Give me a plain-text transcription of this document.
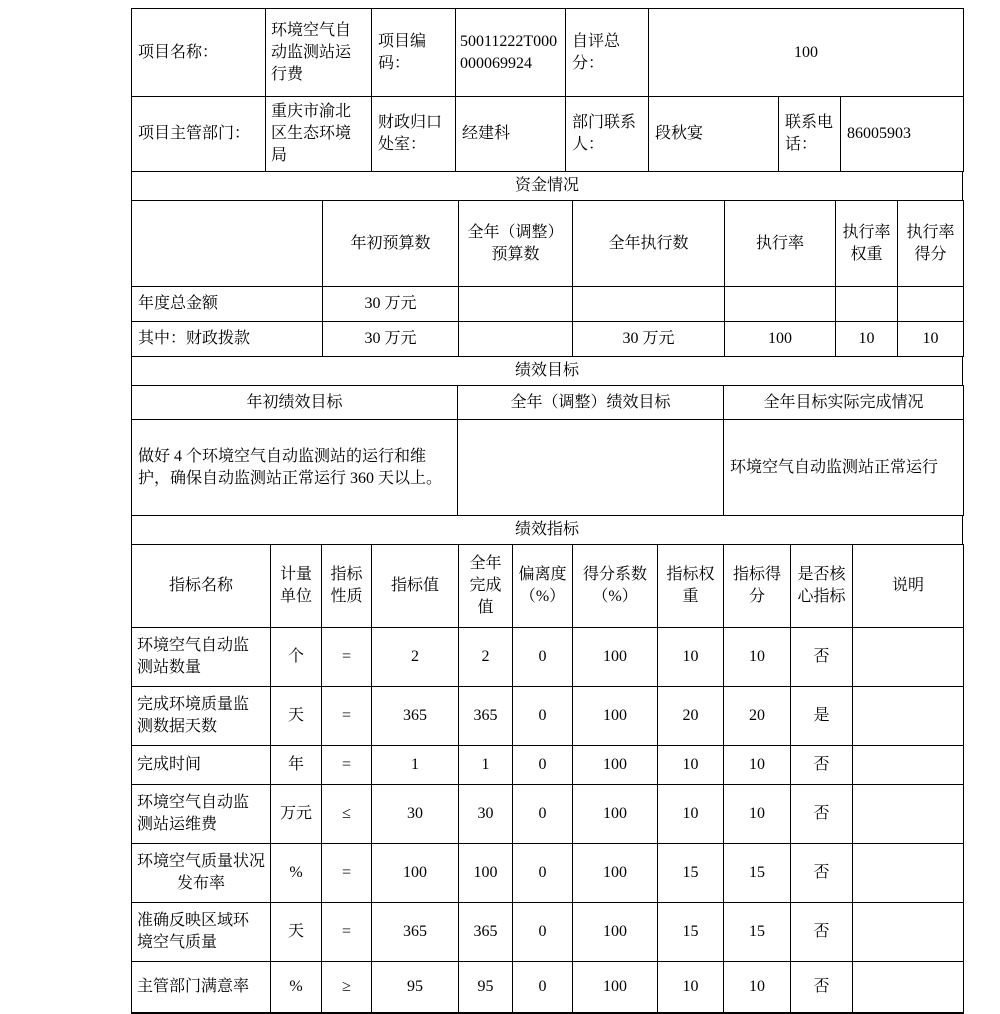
项目名称：	环境空气自动监测站运行费	项目编码：	50011222T000000069924	自评总分：	100
项目主管部门：	重庆市渝北区生态环境局	财政归口处室：	经建科	部门联系人：	段秋宴	联系电话：	86005903
资金情况
	年初预算数	全年（调整）预算数	全年执行数	执行率	执行率权重	执行率得分
年度总金额	30 万元					
其中：财政拨款	30 万元		30 万元	100	10	10
绩效目标
年初绩效目标	全年（调整）绩效目标	全年目标实际完成情况
做好 4 个环境空气自动监测站的运行和维护，确保自动监测站正常运行 360 天以上。		环境空气自动监测站正常运行
绩效指标
指标名称	计量单位	指标性质	指标值	全年完成值	偏离度（%）	得分系数（%）	指标权重	指标得分	是否核心指标	说明
环境空气自动监测站数量	个	=	2	2	0	100	10	10	否	
完成环境质量监测数据天数	天	=	365	365	0	100	20	20	是	
完成时间	年	=	1	1	0	100	10	10	否	
环境空气自动监测站运维费	万元	≤	30	30	0	100	10	10	否	
环境空气质量状况发布率	%	=	100	100	0	100	15	15	否	
准确反映区域环境空气质量	天	=	365	365	0	100	15	15	否	
主管部门满意率	%	≥	95	95	0	100	10	10	否	
